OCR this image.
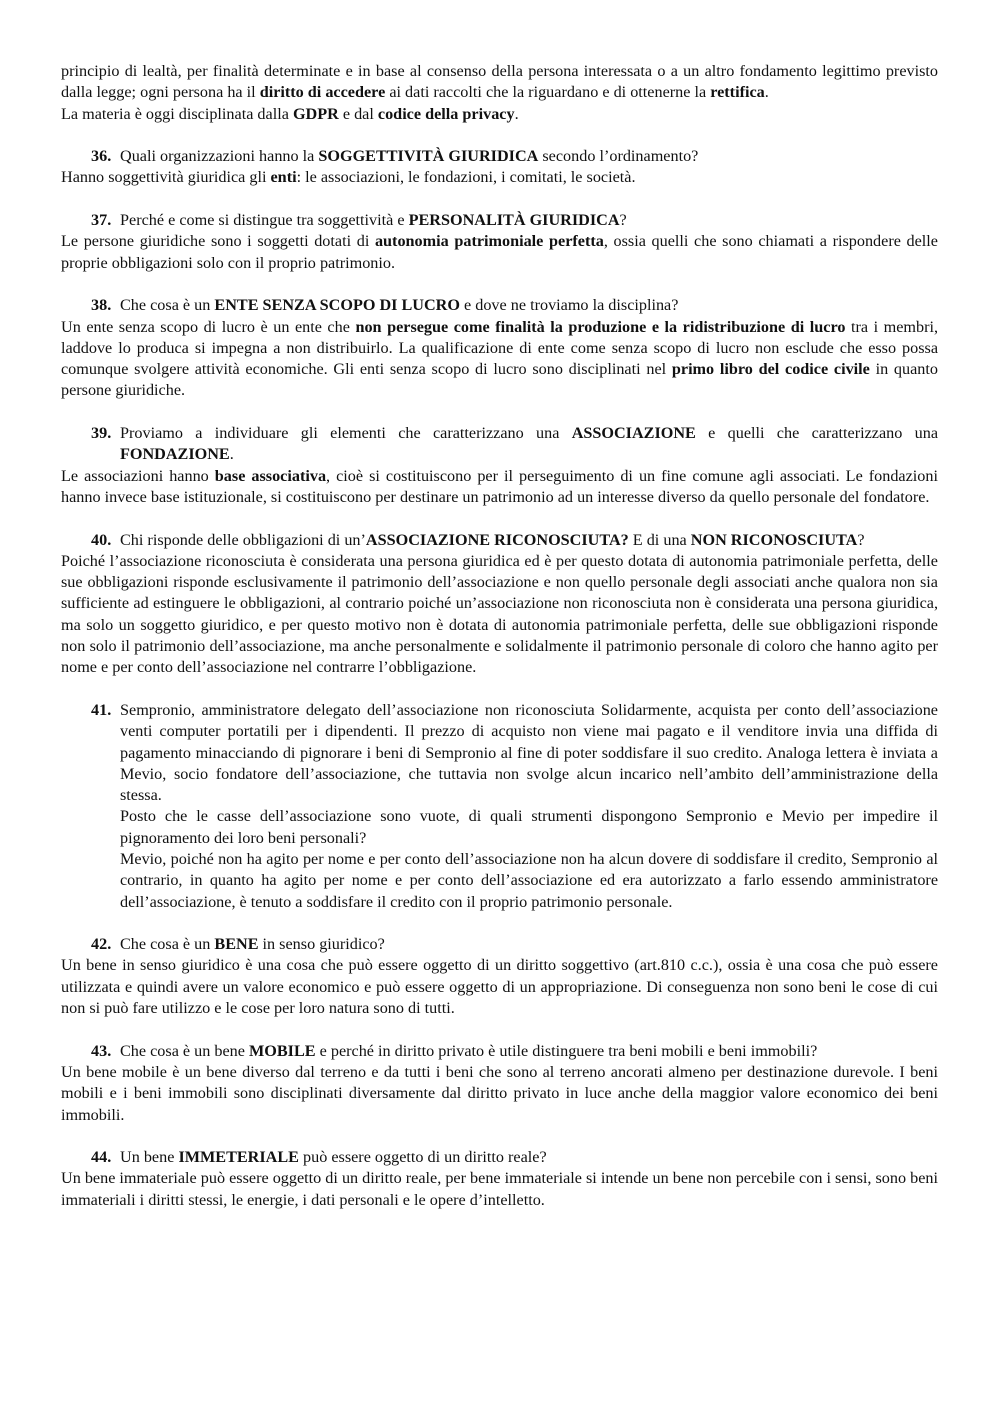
principio di lealtà, per finalità determinate e in base al consenso della persona interessata o a un altro fondamento legittimo previsto dalla legge; ogni persona ha il diritto di accedere ai dati raccolti che la riguardano e di ottenerne la rettifica.

La materia è oggi disciplinata dalla GDPR e dal codice della privacy.

36. Quali organizzazioni hanno la SOGGETTIVITÀ GIURIDICA secondo l’ordinamento?

Hanno soggettività giuridica gli enti: le associazioni, le fondazioni, i comitati, le società.

37. Perché e come si distingue tra soggettività e PERSONALITÀ GIURIDICA?

Le persone giuridiche sono i soggetti dotati di autonomia patrimoniale perfetta, ossia quelli che sono chiamati a rispondere delle proprie obbligazioni solo con il proprio patrimonio.

38. Che cosa è un ENTE SENZA SCOPO DI LUCRO e dove ne troviamo la disciplina?

Un ente senza scopo di lucro è un ente che non persegue come finalità la produzione e la ridistribuzione di lucro tra i membri, laddove lo produca si impegna a non distribuirlo. La qualificazione di ente come senza scopo di lucro non esclude che esso possa comunque svolgere attività economiche. Gli enti senza scopo di lucro sono disciplinati nel primo libro del codice civile in quanto persone giuridiche.

39. Proviamo a individuare gli elementi che caratterizzano una ASSOCIAZIONE e quelli che caratterizzano una FONDAZIONE.

Le associazioni hanno base associativa, cioè si costituiscono per il perseguimento di un fine comune agli associati. Le fondazioni hanno invece base istituzionale, si costituiscono per destinare un patrimonio ad un interesse diverso da quello personale del fondatore.

40. Chi risponde delle obbligazioni di un’ASSOCIAZIONE RICONOSCIUTA? E di una NON RICONOSCIUTA?

Poiché l’associazione riconosciuta è considerata una persona giuridica ed è per questo dotata di autonomia patrimoniale perfetta, delle sue obbligazioni risponde esclusivamente il patrimonio dell’associazione e non quello personale degli associati anche qualora non sia sufficiente ad estinguere le obbligazioni, al contrario poiché un’associazione non riconosciuta non è considerata una persona giuridica, ma solo un soggetto giuridico, e per questo motivo non è dotata di autonomia patrimoniale perfetta, delle sue obbligazioni risponde non solo il patrimonio dell’associazione, ma anche personalmente e solidalmente il patrimonio personale di coloro che hanno agito per nome e per conto dell’associazione nel contrarre l’obbligazione.

41. Sempronio, amministratore delegato dell’associazione non riconosciuta Solidarmente, acquista per conto dell’associazione venti computer portatili per i dipendenti. Il prezzo di acquisto non viene mai pagato e il venditore invia una diffida di pagamento minacciando di pignorare i beni di Sempronio al fine di poter soddisfare il suo credito. Analoga lettera è inviata a Mevio, socio fondatore dell’associazione, che tuttavia non svolge alcun incarico nell’ambito dell’amministrazione della stessa.

Posto che le casse dell’associazione sono vuote, di quali strumenti dispongono Sempronio e Mevio per impedire il pignoramento dei loro beni personali?

Mevio, poiché non ha agito per nome e per conto dell’associazione non ha alcun dovere di soddisfare il credito, Sempronio al contrario, in quanto ha agito per nome e per conto dell’associazione ed era autorizzato a farlo essendo amministratore dell’associazione, è tenuto a soddisfare il credito con il proprio patrimonio personale.

42. Che cosa è un BENE in senso giuridico?

Un bene in senso giuridico è una cosa che può essere oggetto di un diritto soggettivo (art.810 c.c.), ossia è una cosa che può essere utilizzata e quindi avere un valore economico e può essere oggetto di un appropriazione. Di conseguenza non sono beni le cose di cui non si può fare utilizzo e le cose per loro natura sono di tutti.

43. Che cosa è un bene MOBILE e perché in diritto privato è utile distinguere tra beni mobili e beni immobili?

Un bene mobile è un bene diverso dal terreno e da tutti i beni che sono al terreno ancorati almeno per destinazione durevole. I beni mobili e i beni immobili sono disciplinati diversamente dal diritto privato in luce anche della maggior valore economico dei beni immobili.

44. Un bene IMMETERIALE può essere oggetto di un diritto reale?

Un bene immateriale può essere oggetto di un diritto reale, per bene immateriale si intende un bene non percebile con i sensi, sono beni immateriali i diritti stessi, le energie, i dati personali e le opere d’intelletto.
